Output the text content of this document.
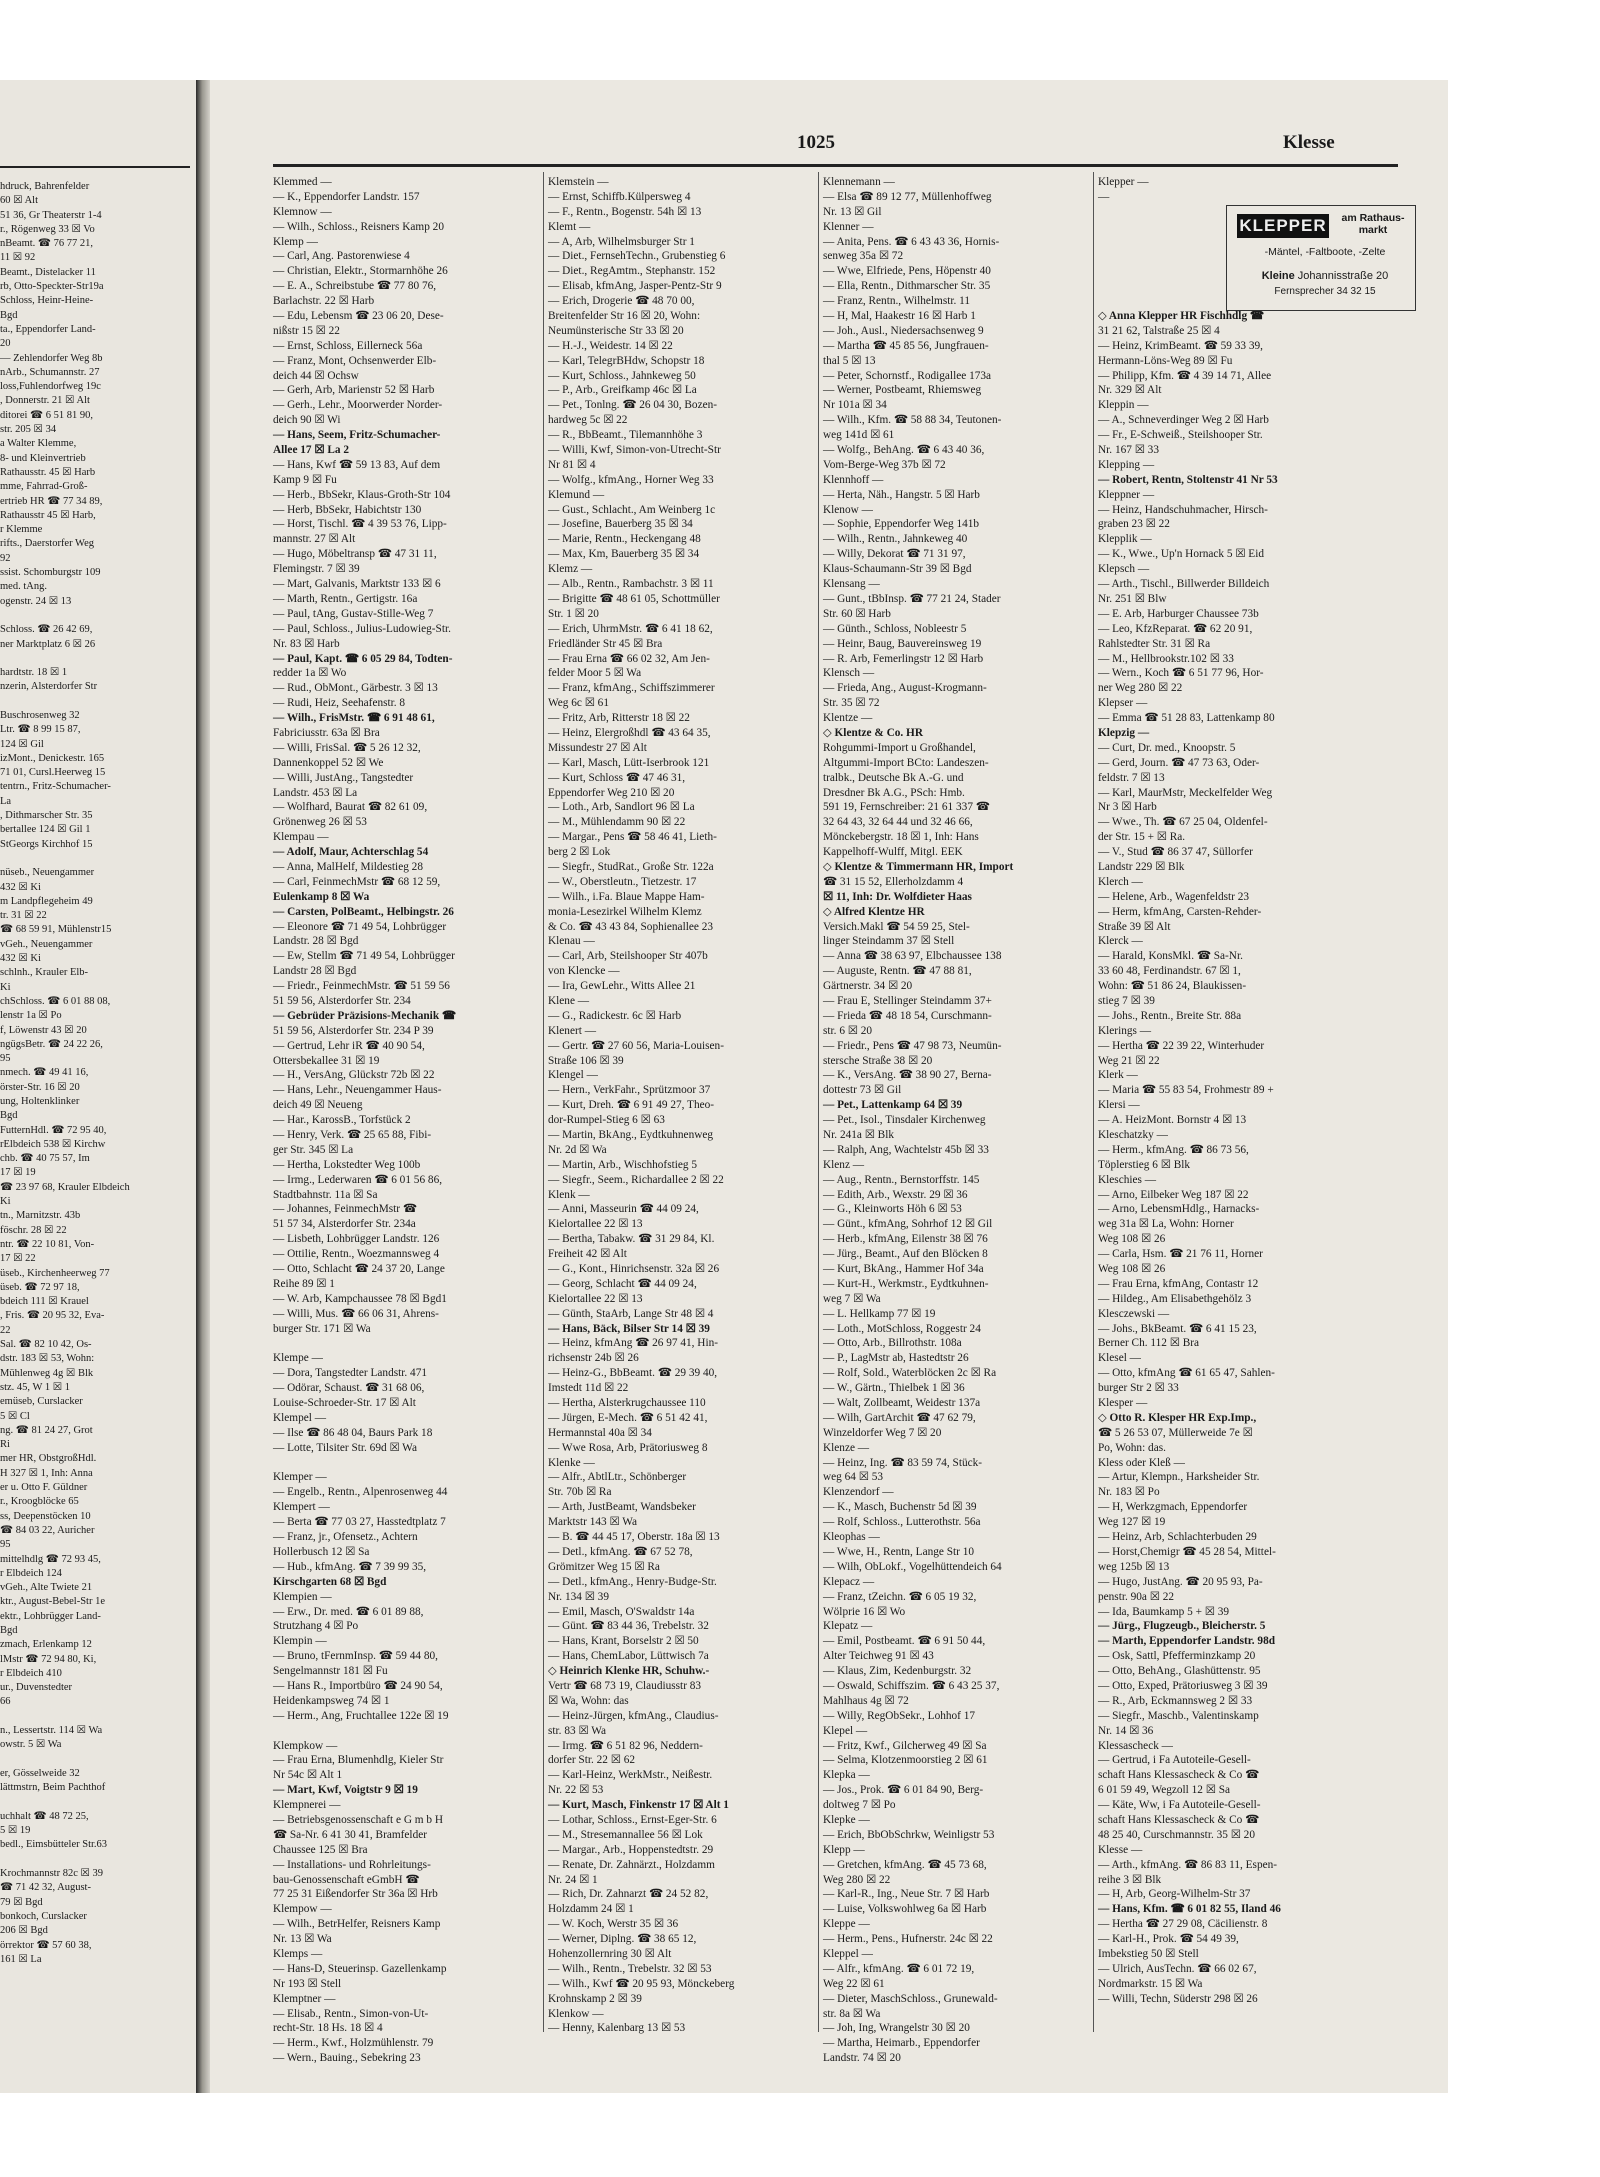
hdruck, Bahrenfelder
60 ☒ Alt
51 36, Gr Theaterstr 1-4
r., Rögenweg 33 ☒ Vo
nBeamt. ☎ 76 77 21,
11 ☒ 92
Beamt., Distelacker 11
rb, Otto-Speckter-Str19a
Schloss, Heinr-Heine-
Bgd
ta., Eppendorfer Land-
20
— Zehlendorfer Weg 8b
nArb., Schumannstr. 27
loss,Fuhlendorfweg 19c
, Donnerstr. 21 ☒ Alt
ditorei ☎ 6 51 81 90,
str. 205 ☒ 34
a Walter Klemme,
8- und Kleinvertrieb
Rathausstr. 45 ☒ Harb
mme, Fahrrad-Groß-
ertrieb HR ☎ 77 34 89,
Rathausstr 45 ☒ Harb,
r Klemme
rifts., Daerstorfer Weg
92
ssist. Schomburgstr 109
med. tAng.
ogenstr. 24 ☒ 13
Schloss. ☎ 26 42 69,
ner Marktplatz 6 ☒ 26
hardtstr. 18 ☒ 1
nzerin, Alsterdorfer Str
Buschrosenweg 32
Ltr. ☎ 8 99 15 87,
124 ☒ Gil
izMont., Denickestr. 165
71 01, Cursl.Heerweg 15
tentrn., Fritz-Schumacher-
La
, Dithmarscher Str. 35
bertallee 124 ☒ Gil 1
StGeorgs Kirchhof 15
nüseb., Neuengammer
432 ☒ Ki
m Landpflegeheim 49
tr. 31 ☒ 22
☎ 68 59 91, Mühlenstr15
vGeh., Neuengammer
432 ☒ Ki
schlnh., Krauler Elb-
Ki
chSchloss. ☎ 6 01 88 08,
lenstr 1a ☒ Po
f, Löwenstr 43 ☒ 20
ngügsBetr. ☎ 24 22 26,
95
nmech. ☎ 49 41 16,
örster-Str. 16 ☒ 20
ung, Holtenklinker
Bgd
FutternHdl. ☎ 72 95 40,
rElbdeich 538 ☒ Kirchw
chb. ☎ 40 75 57, Im
17 ☒ 19
☎ 23 97 68, Krauler Elbdeich
Ki
tn., Marnitzstr. 43b
föschr. 28 ☒ 22
ntr. ☎ 22 10 81, Von-
17 ☒ 22
üseb., Kirchenheerweg 77
üseb. ☎ 72 97 18,
bdeich 111 ☒ Krauel
, Fris. ☎ 20 95 32, Eva-
22
Sal. ☎ 82 10 42, Os-
dstr. 183 ☒ 53, Wohn:
Mühlenweg 4g ☒ Blk
stz. 45, W 1 ☒ 1
emüseb, Curslacker
5 ☒ Cl
ng. ☎ 81 24 27, Grot
Ri
mer HR, ObstgroßHdl.
H 327 ☒ 1, Inh: Anna
er u. Otto F. Güldner
r., Kroogblöcke 65
ss, Deepenstöcken 10
☎ 84 03 22, Auricher
95
mittelhdlg ☎ 72 93 45,
r Elbdeich 124
vGeh., Alte Twiete 21
ktr., August-Bebel-Str 1e
ektr., Lohbrügger Land-
Bgd
zmach, Erlenkamp 12
lMstr ☎ 72 94 80, Ki,
r Elbdeich 410
ur., Duvenstedter
66
n., Lessertstr. 114 ☒ Wa
owstr. 5 ☒ Wa
er, Gösselweide 32
lättmstrn, Beim Pachthof
uchhalt ☎ 48 72 25,
5 ☒ 19
bedl., Eimsbütteler Str.63
Krochmannstr 82c ☒ 39
☎ 71 42 32, August-
79 ☒ Bgd
bonkoch, Curslacker
206 ☒ Bgd
örrektor ☎ 57 60 38,
161 ☒ La
1025	Klesse
Klemmed —
— K., Eppendorfer Landstr. 157
Klemnow —
— Wilh., Schloss., Reisners Kamp 20
Klemp —
— Carl, Ang. Pastorenwiese 4
— Christian, Elektr., Stormarnhöhe 26
— E. A., Schreibstube ☎ 77 80 76,
Barlachstr. 22 ☒ Harb
— Edu, Lebensm ☎ 23 06 20, Dese-
nißstr 15 ☒ 22
— Ernst, Schloss, Eillerneck 56a
— Franz, Mont, Ochsenwerder Elb-
deich 44 ☒ Ochsw
— Gerh, Arb, Marienstr 52 ☒ Harb
— Gerh., Lehr., Moorwerder Norder-
deich 90 ☒ Wi
— Hans, Seem, Fritz-Schumacher-
Allee 17 ☒ La 2
— Hans, Kwf ☎ 59 13 83, Auf dem
Kamp 9 ☒ Fu
— Herb., BbSekr, Klaus-Groth-Str 104
— Herb, BbSekr, Habichtstr 130
— Horst, Tischl. ☎ 4 39 53 76, Lipp-
mannstr. 27 ☒ Alt
— Hugo, Möbeltransp ☎ 47 31 11,
Flemingstr. 7 ☒ 39
— Mart, Galvanis, Marktstr 133 ☒ 6
— Marth, Rentn., Gertigstr. 16a
— Paul, tAng, Gustav-Stille-Weg 7
— Paul, Schloss., Julius-Ludowieg-Str.
Nr. 83 ☒ Harb
— Paul, Kapt. ☎ 6 05 29 84, Todten-
redder 1a ☒ Wo
— Rud., ObMont., Gärbestr. 3 ☒ 13
— Rudi, Heiz, Seehafenstr. 8
— Wilh., FrisMstr. ☎ 6 91 48 61,
Fabriciusstr. 63a ☒ Bra
— Willi, FrisSal. ☎ 5 26 12 32,
Dannenkoppel 52 ☒ We
— Willi, JustAng., Tangstedter
Landstr. 453 ☒ La
— Wolfhard, Baurat ☎ 82 61 09,
Grönenweg 26 ☒ 53
Klempau —
— Adolf, Maur, Achterschlag 54
— Anna, MalHelf, Mildestieg 28
— Carl, FeinmechMstr ☎ 68 12 59,
Eulenkamp 8 ☒ Wa
— Carsten, PolBeamt., Helbingstr. 26
— Eleonore ☎ 71 49 54, Lohbrügger
Landstr. 28 ☒ Bgd
— Ew, Stellm ☎ 71 49 54, Lohbrügger
Landstr 28 ☒ Bgd
— Friedr., FeinmechMstr. ☎ 51 59 56
51 59 56, Alsterdorfer Str. 234
— Gebrüder Präzisions-Mechanik ☎
51 59 56, Alsterdorfer Str. 234 P 39
— Gertrud, Lehr iR ☎ 40 90 54,
Ottersbekallee 31 ☒ 19
— H., VersAng, Glückstr 72b ☒ 22
— Hans, Lehr., Neuengammer Haus-
deich 49 ☒ Neueng
— Har., KarossB., Torfstück 2
— Henry, Verk. ☎ 25 65 88, Fibi-
ger Str. 345 ☒ La
— Hertha, Lokstedter Weg 100b
— Irmg., Lederwaren ☎ 6 01 56 86,
Stadtbahnstr. 11a ☒ Sa
— Johannes, FeinmechMstr ☎
51 57 34, Alsterdorfer Str. 234a
— Lisbeth, Lohbrügger Landstr. 126
— Ottilie, Rentn., Woezmannsweg 4
— Otto, Schlacht ☎ 24 37 20, Lange
Reihe 89 ☒ 1
— W. Arb, Kampchaussee 78 ☒ Bgd1
— Willi, Mus. ☎ 66 06 31, Ahrens-
burger Str. 171 ☒ Wa
Klempe —
— Dora, Tangstedter Landstr. 471
— Odörar, Schaust. ☎ 31 68 06,
Louise-Schroeder-Str. 17 ☒ Alt
Klempel —
— Ilse ☎ 86 48 04, Baurs Park 18
— Lotte, Tilsiter Str. 69d ☒ Wa
Klemper —
— Engelb., Rentn., Alpenrosenweg 44
Klempert —
— Berta ☎ 77 03 27, Hasstedtplatz 7
— Franz, jr., Ofensetz., Achtern
Hollerbusch 12 ☒ Sa
— Hub., kfmAng. ☎ 7 39 99 35,
Kirschgarten 68 ☒ Bgd
Klempien —
— Erw., Dr. med. ☎ 6 01 89 88,
Strutzhang 4 ☒ Po
Klempin —
— Bruno, tFernmInsp. ☎ 59 44 80,
Sengelmannstr 181 ☒ Fu
— Hans R., Importbüro ☎ 24 90 54,
Heidenkampsweg 74 ☒ 1
— Herm., Ang, Fruchtallee 122e ☒ 19
Klempkow —
— Frau Erna, Blumenhdlg, Kieler Str
Nr 54c ☒ Alt 1
— Mart, Kwf, Voigtstr 9 ☒ 19
Klempnerei —
— Betriebsgenossenschaft e G m b H
☎ Sa-Nr. 6 41 30 41, Bramfelder
Chaussee 125 ☒ Bra
— Installations- und Rohrleitungs-
bau-Genossenschaft eGmbH ☎
77 25 31 Eißendorfer Str 36a ☒ Hrb
Klempow —
— Wilh., BetrHelfer, Reisners Kamp
Nr. 13 ☒ Wa
Klemps —
— Hans-D, Steuerinsp. Gazellenkamp
Nr 193 ☒ Stell
Klemptner —
— Elisab., Rentn., Simon-von-Ut-
recht-Str. 18 Hs. 18 ☒ 4
— Herm., Kwf., Holzmühlenstr. 79
— Wern., Bauing., Sebekring 23
Klemstein —
— Ernst, Schiffb.Külpersweg 4
— F., Rentn., Bogenstr. 54h ☒ 13
Klemt —
— A, Arb, Wilhelmsburger Str 1
— Diet., FernsehTechn., Grubenstieg 6
— Diet., RegAmtm., Stephanstr. 152
— Elisab, kfmAng, Jasper-Pentz-Str 9
— Erich, Drogerie ☎ 48 70 00,
Breitenfelder Str 16 ☒ 20, Wohn:
Neumünsterische Str 33 ☒ 20
— H.-J., Weidestr. 14 ☒ 22
— Karl, TelegrBHdw, Schopstr 18
— Kurt, Schloss., Jahnkeweg 50
— P., Arb., Greifkamp 46c ☒ La
— Pet., Tonlng. ☎ 26 04 30, Bozen-
hardweg 5c ☒ 22
— R., BbBeamt., Tilemannhöhe 3
— Willi, Kwf, Simon-von-Utrecht-Str
Nr 81 ☒ 4
— Wolfg., kfmAng., Horner Weg 33
Klemund —
— Gust., Schlacht., Am Weinberg 1c
— Josefine, Bauerberg 35 ☒ 34
— Marie, Rentn., Heckengang 48
— Max, Km, Bauerberg 35 ☒ 34
Klemz —
— Alb., Rentn., Rambachstr. 3 ☒ 11
— Brigitte ☎ 48 61 05, Schottmüller
Str. 1 ☒ 20
— Erich, UhrmMstr. ☎ 6 41 18 62,
Friedländer Str 45 ☒ Bra
— Frau Erna ☎ 66 02 32, Am Jen-
felder Moor 5 ☒ Wa
— Franz, kfmAng., Schiffszimmerer
Weg 6c ☒ 61
— Fritz, Arb, Ritterstr 18 ☒ 22
— Heinz, Elergroßhdl ☎ 43 64 35,
Missundestr 27 ☒ Alt
— Karl, Masch, Lütt-Iserbrook 121
— Kurt, Schloss ☎ 47 46 31,
Eppendorfer Weg 210 ☒ 20
— Loth., Arb, Sandlort 96 ☒ La
— M., Mühlendamm 90 ☒ 22
— Margar., Pens ☎ 58 46 41, Lieth-
berg 2 ☒ Lok
— Siegfr., StudRat., Große Str. 122a
— W., Oberstleutn., Tietzestr. 17
— Wilh., i.Fa. Blaue Mappe Ham-
monia-Lesezirkel Wilhelm Klemz
& Co. ☎ 43 43 84, Sophienallee 23
Klenau —
— Carl, Arb, Steilshooper Str 407b
von Klencke —
— Ira, GewLehr., Witts Allee 21
Klene —
— G., Radickestr. 6c ☒ Harb
Klenert —
— Gertr. ☎ 27 60 56, Maria-Louisen-
Straße 106 ☒ 39
Klengel —
— Hern., VerkFahr., Sprützmoor 37
— Kurt, Dreh. ☎ 6 91 49 27, Theo-
dor-Rumpel-Stieg 6 ☒ 63
— Martin, BkAng., Eydtkuhnenweg
Nr. 2d ☒ Wa
— Martin, Arb., Wischhofstieg 5
— Siegfr., Seem., Richardallee 2 ☒ 22
Klenk —
— Anni, Masseurin ☎ 44 09 24,
Kielortallee 22 ☒ 13
— Bertha, Tabakw. ☎ 31 29 84, Kl.
Freiheit 42 ☒ Alt
— G., Kont., Hinrichsenstr. 32a ☒ 26
— Georg, Schlacht ☎ 44 09 24,
Kielortallee 22 ☒ 13
— Günth, StaArb, Lange Str 48 ☒ 4
— Hans, Bäck, Bilser Str 14 ☒ 39
— Heinz, kfmAng ☎ 26 97 41, Hin-
richsenstr 24b ☒ 26
— Heinz-G., BbBeamt. ☎ 29 39 40,
Imstedt 11d ☒ 22
— Hertha, Alsterkrugchaussee 110
— Jürgen, E-Mech. ☎ 6 51 42 41,
Hermannstal 40a ☒ 34
— Wwe Rosa, Arb, Prätoriusweg 8
Klenke —
— Alfr., AbtlLtr., Schönberger
Str. 70b ☒ Ra
— Arth, JustBeamt, Wandsbeker
Marktstr 143 ☒ Wa
— B. ☎ 44 45 17, Oberstr. 18a ☒ 13
— Detl., kfmAng. ☎ 67 52 78,
Grömitzer Weg 15 ☒ Ra
— Detl., kfmAng., Henry-Budge-Str.
Nr. 134 ☒ 39
— Emil, Masch, O'Swaldstr 14a
— Günt. ☎ 83 44 36, Trebelstr. 32
— Hans, Krant, Borselstr 2 ☒ 50
— Hans, ChemLabor, Lüttwisch 7a
◇ Heinrich Klenke HR, Schuhw.-
Vertr ☎ 68 73 19, Claudiusstr 83
☒ Wa, Wohn: das
— Heinz-Jürgen, kfmAng., Claudius-
str. 83 ☒ Wa
— Irmg. ☎ 6 51 82 96, Neddern-
dorfer Str. 22 ☒ 62
— Karl-Heinz, WerkMstr., Neißestr.
Nr. 22 ☒ 53
— Kurt, Masch, Finkenstr 17 ☒ Alt 1
— Lothar, Schloss., Ernst-Eger-Str. 6
— M., Stresemannallee 56 ☒ Lok
— Margar., Arb., Hoppenstedtstr. 29
— Renate, Dr. Zahnärzt., Holzdamm
Nr. 24 ☒ 1
— Rich, Dr. Zahnarzt ☎ 24 52 82,
Holzdamm 24 ☒ 1
— W. Koch, Werstr 35 ☒ 36
— Werner, Diplng. ☎ 38 65 12,
Hohenzollernring 30 ☒ Alt
— Wilh., Rentn., Trebelstr. 32 ☒ 53
— Wilh., Kwf ☎ 20 95 93, Mönckeberg
Krohnskamp 2 ☒ 39
Klenkow —
— Henny, Kalenbarg 13 ☒ 53
Klennemann —
— Elsa ☎ 89 12 77, Müllenhoffweg
Nr. 13 ☒ Gil
Klenner —
— Anita, Pens. ☎ 6 43 43 36, Hornis-
senweg 35a ☒ 72
— Wwe, Elfriede, Pens, Höpenstr 40
— Ella, Rentn., Dithmarscher Str. 35
— Franz, Rentn., Wilhelmstr. 11
— H, Mal, Haakestr 16 ☒ Harb 1
— Joh., Ausl., Niedersachsenweg 9
— Martha ☎ 45 85 56, Jungfrauen-
thal 5 ☒ 13
— Peter, Schornstf., Rodigallee 173a
— Werner, Postbeamt, Rhiemsweg
Nr 101a ☒ 34
— Wilh., Kfm. ☎ 58 88 34, Teutonen-
weg 141d ☒ 61
— Wolfg., BehAng. ☎ 6 43 40 36,
Vom-Berge-Weg 37b ☒ 72
Klennhoff —
— Herta, Näh., Hangstr. 5 ☒ Harb
Klenow —
— Sophie, Eppendorfer Weg 141b
— Wilh., Rentn., Jahnkeweg 40
— Willy, Dekorat ☎ 71 31 97,
Klaus-Schaumann-Str 39 ☒ Bgd
Klensang —
— Gunt., tBbInsp. ☎ 77 21 24, Stader
Str. 60 ☒ Harb
— Günth., Schloss, Nobleestr 5
— Heinr, Baug, Bauvereinsweg 19
— R. Arb, Femerlingstr 12 ☒ Harb
Klensch —
— Frieda, Ang., August-Krogmann-
Str. 35 ☒ 72
Klentze —
◇ Klentze & Co. HR
Rohgummi-Import u Großhandel,
Altgummi-Import BCto: Landeszen-
tralbk., Deutsche Bk A.-G. und
Dresdner Bk A.G., PSch: Hmb.
591 19, Fernschreiber: 21 61 337 ☎
32 64 43, 32 64 44 und 32 46 66,
Mönckebergstr. 18 ☒ 1, Inh: Hans
Kappelhoff-Wulff, Mitgl. EEK
◇ Klentze & Timmermann HR, Import
☎ 31 15 52, Ellerholzdamm 4
☒ 11, Inh: Dr. Wolfdieter Haas
◇ Alfred Klentze HR
Versich.Makl ☎ 54 59 25, Stel-
linger Steindamm 37 ☒ Stell
— Anna ☎ 38 63 97, Elbchaussee 138
— Auguste, Rentn. ☎ 47 88 81,
Gärtnerstr. 34 ☒ 20
— Frau E, Stellinger Steindamm 37+
— Frieda ☎ 48 18 54, Curschmann-
str. 6 ☒ 20
— Friedr., Pens ☎ 47 98 73, Neumün-
stersche Straße 38 ☒ 20
— K., VersAng. ☎ 38 90 27, Berna-
dottestr 73 ☒ Gil
— Pet., Lattenkamp 64 ☒ 39
— Pet., Isol., Tinsdaler Kirchenweg
Nr. 241a ☒ Blk
— Ralph, Ang, Wachtelstr 45b ☒ 33
Klenz —
— Aug., Rentn., Bernstorffstr. 145
— Edith, Arb., Wexstr. 29 ☒ 36
— G., Kleinworts Höh 6 ☒ 53
— Günt., kfmAng, Sohrhof 12 ☒ Gil
— Herb., kfmAng, Eilenstr 38 ☒ 76
— Jürg., Beamt., Auf den Blöcken 8
— Kurt, BkAng., Hammer Hof 34a
— Kurt-H., Werkmstr., Eydtkuhnen-
weg 7 ☒ Wa
— L. Hellkamp 77 ☒ 19
— Loth., MotSchloss, Roggestr 24
— Otto, Arb., Billrothstr. 108a
— P., LagMstr ab, Hastedtstr 26
— Rolf, Sold., Waterblöcken 2c ☒ Ra
— W., Gärtn., Thielbek 1 ☒ 36
— Walt, Zollbeamt, Weidestr 137a
— Wilh, GartArchit ☎ 47 62 79,
Winzeldorfer Weg 7 ☒ 20
Klenze —
— Heinz, Ing. ☎ 83 59 74, Stück-
weg 64 ☒ 53
Klenzendorf —
— K., Masch, Buchenstr 5d ☒ 39
— Rolf, Schloss., Lutterothstr. 56a
Kleophas —
— Wwe, H., Rentn, Lange Str 10
— Wilh, ObLokf., Vogelhüttendeich 64
Klepacz —
— Franz, tZeichn. ☎ 6 05 19 32,
Wölprie 16 ☒ Wo
Klepatz —
— Emil, Postbeamt. ☎ 6 91 50 44,
Alter Teichweg 91 ☒ 43
— Klaus, Zim, Kedenburgstr. 32
— Oswald, Schiffszim. ☎ 6 43 25 37,
Mahlhaus 4g ☒ 72
— Willy, RegObSekr., Lohhof 17
Klepel —
— Fritz, Kwf., Gilcherweg 49 ☒ Sa
— Selma, Klotzenmoorstieg 2 ☒ 61
Klepka —
— Jos., Prok. ☎ 6 01 84 90, Berg-
doltweg 7 ☒ Po
Klepke —
— Erich, BbObSchrkw, Weinligstr 53
Klepp —
— Gretchen, kfmAng. ☎ 45 73 68,
Weg 280 ☒ 22
— Karl-R., Ing., Neue Str. 7 ☒ Harb
— Luise, Volkswohlweg 6a ☒ Harb
Kleppe —
— Herm., Pens., Hufnerstr. 24c ☒ 22
Kleppel —
— Alfr., kfmAng. ☎ 6 01 72 19,
Weg 22 ☒ 61
— Dieter, MaschSchloss., Grunewald-
str. 8a ☒ Wa
— Joh, Ing, Wrangelstr 30 ☒ 20
— Martha, Heimarb., Eppendorfer
Landstr. 74 ☒ 20
Klepper —
—
◇ Anna Klepper HR Fischhdlg ☎
31 21 62, Talstraße 25 ☒ 4
— Heinz, KrimBeamt. ☎ 59 33 39,
Hermann-Löns-Weg 89 ☒ Fu
— Philipp, Kfm. ☎ 4 39 14 71, Allee
Nr. 329 ☒ Alt
Kleppin —
— A., Schneverdinger Weg 2 ☒ Harb
— Fr., E-Schweiß., Steilshooper Str.
Nr. 167 ☒ 33
Klepping —
— Robert, Rentn, Stoltenstr 41 Nr 53
Kleppner —
— Heinz, Handschuhmacher, Hirsch-
graben 23 ☒ 22
Klepplik —
— K., Wwe., Up'n Hornack 5 ☒ Eid
Klepsch —
— Arth., Tischl., Billwerder Billdeich
Nr. 251 ☒ Blw
— E. Arb, Harburger Chaussee 73b
— Leo, KfzReparat. ☎ 62 20 91,
Rahlstedter Str. 31 ☒ Ra
— M., Hellbrookstr.102 ☒ 33
— Wern., Koch ☎ 6 51 77 96, Hor-
ner Weg 280 ☒ 22
Klepser —
— Emma ☎ 51 28 83, Lattenkamp 80
Klepzig —
— Curt, Dr. med., Knoopstr. 5
— Gerd, Journ. ☎ 47 73 63, Oder-
feldstr. 7 ☒ 13
— Karl, MaurMstr, Meckelfelder Weg
Nr 3 ☒ Harb
— Wwe., Th. ☎ 67 25 04, Oldenfel-
der Str. 15 + ☒ Ra.
— V., Stud ☎ 86 37 47, Süllorfer
Landstr 229 ☒ Blk
Klerch —
— Helene, Arb., Wagenfeldstr 23
— Herm, kfmAng, Carsten-Rehder-
Straße 39 ☒ Alt
Klerck —
— Harald, KonsMkl. ☎ Sa-Nr.
33 60 48, Ferdinandstr. 67 ☒ 1,
Wohn: ☎ 51 86 24, Blaukissen-
stieg 7 ☒ 39
— Johs., Rentn., Breite Str. 88a
Klerings —
— Hertha ☎ 22 39 22, Winterhuder
Weg 21 ☒ 22
Klerk —
— Maria ☎ 55 83 54, Frohmestr 89 +
Klersi —
— A. HeizMont. Bornstr 4 ☒ 13
Kleschatzky —
— Herm., kfmAng. ☎ 86 73 56,
Töplerstieg 6 ☒ Blk
Kleschies —
— Arno, Eilbeker Weg 187 ☒ 22
— Arno, LebensmHdlg., Harnacks-
weg 31a ☒ La, Wohn: Horner
Weg 108 ☒ 26
— Carla, Hsm. ☎ 21 76 11, Horner
Weg 108 ☒ 26
— Frau Erna, kfmAng, Contastr 12
— Hildeg., Am Elisabethgehölz 3
Klesczewski —
— Johs., BkBeamt. ☎ 6 41 15 23,
Berner Ch. 112 ☒ Bra
Klesel —
— Otto, kfmAng ☎ 61 65 47, Sahlen-
burger Str 2 ☒ 33
Klesper —
◇ Otto R. Klesper HR Exp.Imp.,
☎ 5 26 53 07, Müllerweide 7e ☒
Po, Wohn: das.
Kless oder Kleß —
— Artur, Klempn., Harksheider Str.
Nr. 183 ☒ Po
— H, Werkzgmach, Eppendorfer
Weg 127 ☒ 19
— Heinz, Arb, Schlachterbuden 29
— Horst,Chemigr ☎ 45 28 54, Mittel-
weg 125b ☒ 13
— Hugo, JustAng. ☎ 20 95 93, Pa-
penstr. 90a ☒ 22
— Ida, Baumkamp 5 + ☒ 39
— Jürg., Flugzeugb., Bleicherstr. 5
— Marth, Eppendorfer Landstr. 98d
— Osk, Sattl, Pfefferminzkamp 20
— Otto, BehAng., Glashüttenstr. 95
— Otto, Exped, Prätoriusweg 3 ☒ 39
— R., Arb, Eckmannsweg 2 ☒ 33
— Siegfr., Maschb., Valentinskamp
Nr. 14 ☒ 36
Klessascheck —
— Gertrud, i Fa Autoteile-Gesell-
schaft Hans Klessascheck & Co ☎
6 01 59 49, Wegzoll 12 ☒ Sa
— Käte, Ww, i Fa Autoteile-Gesell-
schaft Hans Klessascheck & Co ☎
48 25 40, Curschmannstr. 35 ☒ 20
Klesse —
— Arth., kfmAng. ☎ 86 83 11, Espen-
reihe 3 ☒ Blk
— H, Arb, Georg-Wilhelm-Str 37
— Hans, Kfm. ☎ 6 01 82 55, Iland 46
— Hertha ☎ 27 29 08, Cäcilienstr. 8
— Karl-H., Prok. ☎ 54 49 39,
Imbekstieg 50 ☒ Stell
— Ulrich, AusTechn. ☎ 66 02 67,
Nordmarkstr. 15 ☒ Wa
— Willi, Techn, Süderstr 298 ☒ 26
KLEPPER	am Rathaus-markt
-Mäntel, -Faltboote, -Zelte
Kleine Johannisstraße 20
Fernsprecher 34 32 15
